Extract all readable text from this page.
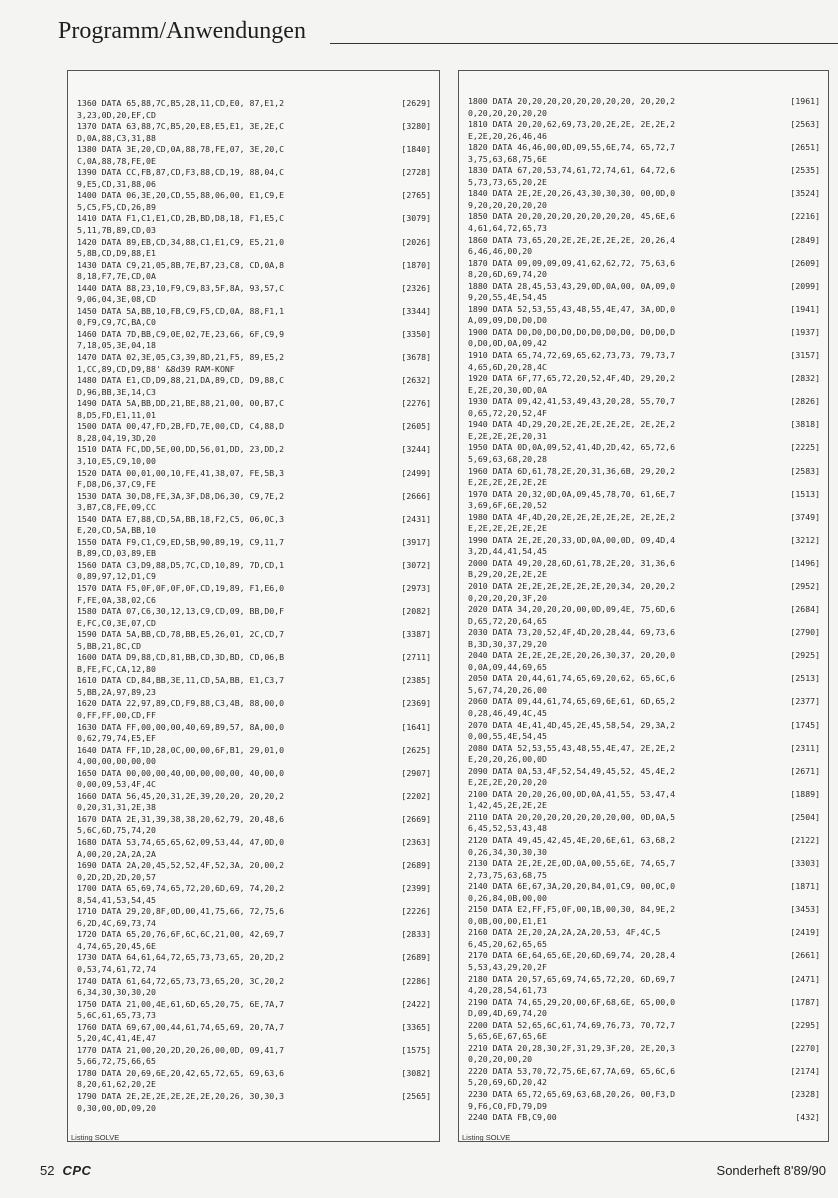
Programm/Anwendungen
1360 DATA 65,88,7C,B5,28,11,CD,E0, 87,E1,2	[2629]
3,23,0D,20,EF,CD
1370 DATA 63,88,7C,B5,20,E8,E5,E1, 3E,2E,C	[3280]
D,0A,88,C3,31,88
1380 DATA 3E,20,CD,0A,88,78,FE,07, 3E,20,C	[1840]
C,0A,88,78,FE,0E
1390 DATA CC,FB,87,CD,F3,88,CD,19, 88,04,C	[2728]
9,E5,CD,31,88,06
1400 DATA 06,3E,20,CD,55,88,06,00, E1,C9,E	[2765]
5,C5,F5,CD,26,89
1410 DATA F1,C1,E1,CD,2B,BD,D8,18, F1,E5,C	[3079]
5,11,7B,89,CD,03
1420 DATA 89,EB,CD,34,88,C1,E1,C9, E5,21,0	[2026]
5,8B,CD,D9,88,E1
1430 DATA C9,21,05,8B,7E,B7,23,C8, CD,0A,8	[1870]
8,18,F7,7E,CD,0A
1440 DATA 88,23,10,F9,C9,83,5F,8A, 93,57,C	[2326]
9,06,04,3E,08,CD
1450 DATA 5A,BB,10,FB,C9,F5,CD,0A, 88,F1,1	[3344]
0,F9,C9,7C,BA,C0
1460 DATA 7D,BB,C9,0E,02,7E,23,66, 6F,C9,9	[3350]
7,18,05,3E,04,18
1470 DATA 02,3E,05,C3,39,8D,21,F5, 89,E5,2	[3678]
1,CC,89,CD,D9,88' &8d39 RAM-KONF
1480 DATA E1,CD,D9,88,21,DA,89,CD, D9,88,C	[2632]
D,96,BB,3E,14,C3
1490 DATA 5A,BB,DD,21,BE,88,21,00, 00,B7,C	[2276]
8,D5,FD,E1,11,01
1500 DATA 00,47,FD,2B,FD,7E,00,CD, C4,88,D	[2605]
8,28,04,19,3D,20
1510 DATA FC,DD,5E,00,DD,56,01,DD, 23,DD,2	[3244]
3,10,E5,C9,10,00
1520 DATA 00,01,00,10,FE,41,38,07, FE,5B,3	[2499]
F,D8,D6,37,C9,FE
1530 DATA 30,D8,FE,3A,3F,D8,D6,30, C9,7E,2	[2666]
3,B7,C8,FE,09,CC
1540 DATA E7,88,CD,5A,BB,18,F2,C5, 06,0C,3	[2431]
E,20,CD,5A,BB,10
1550 DATA F9,C1,C9,ED,5B,90,89,19, C9,11,7	[3917]
B,89,CD,03,89,EB
1560 DATA C3,D9,88,D5,7C,CD,10,89, 7D,CD,1	[3072]
0,89,97,12,D1,C9
1570 DATA F5,0F,0F,0F,0F,CD,19,89, F1,E6,0	[2973]
F,FE,0A,38,02,C6
1580 DATA 07,C6,30,12,13,C9,CD,09, BB,D0,F	[2082]
E,FC,C0,3E,07,CD
1590 DATA 5A,BB,CD,78,BB,E5,26,01, 2C,CD,7	[3387]
5,BB,21,8C,CD
1600 DATA D9,88,CD,81,BB,CD,3D,BD, CD,06,B	[2711]
B,FE,FC,CA,12,80
1610 DATA CD,84,BB,3E,11,CD,5A,BB, E1,C3,7	[2385]
5,BB,2A,97,89,23
1620 DATA 22,97,89,CD,F9,88,C3,4B, 88,00,0	[2369]
0,FF,FF,00,CD,FF
1630 DATA FF,00,00,00,40,69,89,57, 8A,00,0	[1641]
0,62,79,74,E5,EF
1640 DATA FF,1D,28,0C,00,00,6F,B1, 29,01,0	[2625]
4,00,00,00,00,00
1650 DATA 00,00,00,40,00,00,00,00, 40,00,0	[2907]
0,00,09,53,4F,4C
1660 DATA 56,45,20,31,2E,39,20,20, 20,20,2	[2202]
0,20,31,31,2E,38
1670 DATA 2E,31,39,38,38,20,62,79, 20,48,6	[2669]
5,6C,6D,75,74,20
1680 DATA 53,74,65,65,62,09,53,44, 47,0D,0	[2363]
A,00,20,2A,2A,2A
1690 DATA 2A,20,45,52,52,4F,52,3A, 20,00,2	[2689]
0,2D,2D,2D,20,57
1700 DATA 65,69,74,65,72,20,6D,69, 74,20,2	[2399]
8,54,41,53,54,45
1710 DATA 29,20,8F,0D,00,41,75,66, 72,75,6	[2226]
6,2D,4C,69,73,74
1720 DATA 65,20,76,6F,6C,6C,21,00, 42,69,7	[2833]
4,74,65,20,45,6E
1730 DATA 64,61,64,72,65,73,73,65, 20,2D,2	[2689]
0,53,74,61,72,74
1740 DATA 61,64,72,65,73,73,65,20, 3C,20,2	[2286]
6,34,30,30,30,20
1750 DATA 21,00,4E,61,6D,65,20,75, 6E,7A,7	[2422]
5,6C,61,65,73,73
1760 DATA 69,67,00,44,61,74,65,69, 20,7A,7	[3365]
5,20,4C,41,4E,47
1770 DATA 21,00,20,2D,20,26,00,0D, 09,41,7	[1575]
5,66,72,75,66,65
1780 DATA 20,69,6E,20,42,65,72,65, 69,63,6	[3082]
8,20,61,62,20,2E
1790 DATA 2E,2E,2E,2E,2E,2E,20,26, 30,30,3	[2565]
0,30,00,0D,09,20
1800 DATA 20,20,20,20,20,20,20,20, 20,20,2	[1961]
0,20,20,20,20,20
1810 DATA 20,20,62,69,73,20,2E,2E, 2E,2E,2	[2563]
E,2E,20,26,46,46
1820 DATA 46,46,00,0D,09,55,6E,74, 65,72,7	[2651]
3,75,63,68,75,6E
1830 DATA 67,20,53,74,61,72,74,61, 64,72,6	[2535]
5,73,73,65,20,2E
1840 DATA 2E,2E,20,26,43,30,30,30, 00,0D,0	[3524]
9,20,20,20,20,20
1850 DATA 20,20,20,20,20,20,20,20, 45,6E,6	[2216]
4,61,64,72,65,73
1860 DATA 73,65,20,2E,2E,2E,2E,2E, 20,26,4	[2849]
6,46,46,00,20
1870 DATA 09,09,09,09,41,62,62,72, 75,63,6	[2609]
8,20,6D,69,74,20
1880 DATA 28,45,53,43,29,0D,0A,00, 0A,09,0	[2099]
9,20,55,4E,54,45
1890 DATA 52,53,55,43,48,55,4E,47, 3A,0D,0	[1941]
A,09,09,D0,D0,D0
1900 DATA D0,D0,D0,D0,D0,D0,D0,D0, D0,D0,D	[1937]
0,D0,0D,0A,09,42
1910 DATA 65,74,72,69,65,62,73,73, 79,73,7	[3157]
4,65,6D,20,28,4C
1920 DATA 6F,77,65,72,20,52,4F,4D, 29,20,2	[2832]
E,2E,20,30,0D,0A
1930 DATA 09,42,41,53,49,43,20,28, 55,70,7	[2826]
0,65,72,20,52,4F
1940 DATA 4D,29,20,2E,2E,2E,2E,2E, 2E,2E,2	[3818]
E,2E,2E,2E,20,31
1950 DATA 0D,0A,09,52,41,4D,2D,42, 65,72,6	[2225]
5,69,63,68,20,28
1960 DATA 6D,61,78,2E,20,31,36,6B, 29,20,2	[2583]
E,2E,2E,2E,2E,2E
1970 DATA 20,32,0D,0A,09,45,78,70, 61,6E,7	[1513]
3,69,6F,6E,20,52
1980 DATA 4F,4D,20,2E,2E,2E,2E,2E, 2E,2E,2	[3749]
E,2E,2E,2E,2E,2E
1990 DATA 2E,2E,20,33,0D,0A,00,0D, 09,4D,4	[3212]
3,2D,44,41,54,45
2000 DATA 49,20,28,6D,61,78,2E,20, 31,36,6	[1496]
B,29,20,2E,2E,2E
2010 DATA 2E,2E,2E,2E,2E,2E,20,34, 20,20,2	[2952]
0,20,20,20,3F,20
2020 DATA 34,20,20,20,00,0D,09,4E, 75,6D,6	[2684]
D,65,72,20,64,65
2030 DATA 73,20,52,4F,4D,20,28,44, 69,73,6	[2790]
B,3D,30,37,29,20
2040 DATA 2E,2E,2E,2E,20,26,30,37, 20,20,0	[2925]
0,0A,09,44,69,65
2050 DATA 20,44,61,74,65,69,20,62, 65,6C,6	[2513]
5,67,74,20,26,00
2060 DATA 09,44,61,74,65,69,6E,61, 6D,65,2	[2377]
0,28,46,49,4C,45
2070 DATA 4E,41,4D,45,2E,45,58,54, 29,3A,2	[1745]
0,00,55,4E,54,45
2080 DATA 52,53,55,43,48,55,4E,47, 2E,2E,2	[2311]
E,20,20,26,00,0D
2090 DATA 0A,53,4F,52,54,49,45,52, 45,4E,2	[2671]
E,2E,2E,20,20,20
2100 DATA 20,20,26,00,0D,0A,41,55, 53,47,4	[1889]
1,42,45,2E,2E,2E
2110 DATA 20,20,20,20,20,20,20,00, 0D,0A,5	[2504]
6,45,52,53,43,48
2120 DATA 49,45,42,45,4E,20,6E,61, 63,68,2	[2122]
0,26,34,30,30,30
2130 DATA 2E,2E,2E,0D,0A,00,55,6E, 74,65,7	[3303]
2,73,75,63,68,75
2140 DATA 6E,67,3A,20,20,84,01,C9, 00,0C,0	[1871]
0,26,84,0B,00,00
2150 DATA E2,FF,F5,0F,00,1B,00,30, 84,9E,2	[3453]
0,0B,00,00,E1,E1
2160 DATA 2E,20,2A,2A,2A,20,53, 4F,4C,5	[2419]
6,45,20,62,65,65
2170 DATA 6E,64,65,6E,20,6D,69,74, 20,28,4	[2661]
5,53,43,29,20,2F
2180 DATA 20,57,65,69,74,65,72,20, 6D,69,7	[2471]
4,20,28,54,61,73
2190 DATA 74,65,29,20,00,6F,68,6E, 65,00,0	[1787]
D,09,4D,69,74,20
2200 DATA 52,65,6C,61,74,69,76,73, 70,72,7	[2295]
5,65,6E,67,65,6E
2210 DATA 20,28,30,2F,31,29,3F,20, 2E,20,3	[2270]
0,20,20,00,20
2220 DATA 53,70,72,75,6E,67,7A,69, 65,6C,6	[2174]
5,20,69,6D,20,42
2230 DATA 65,72,65,69,63,68,20,26, 00,F3,D	[2328]
9,F6,C0,FD,79,D9
2240 DATA FB,C9,00	[432]
Listing SOLVE	Listing SOLVE
52 CPC	Sonderheft 8'89/90
